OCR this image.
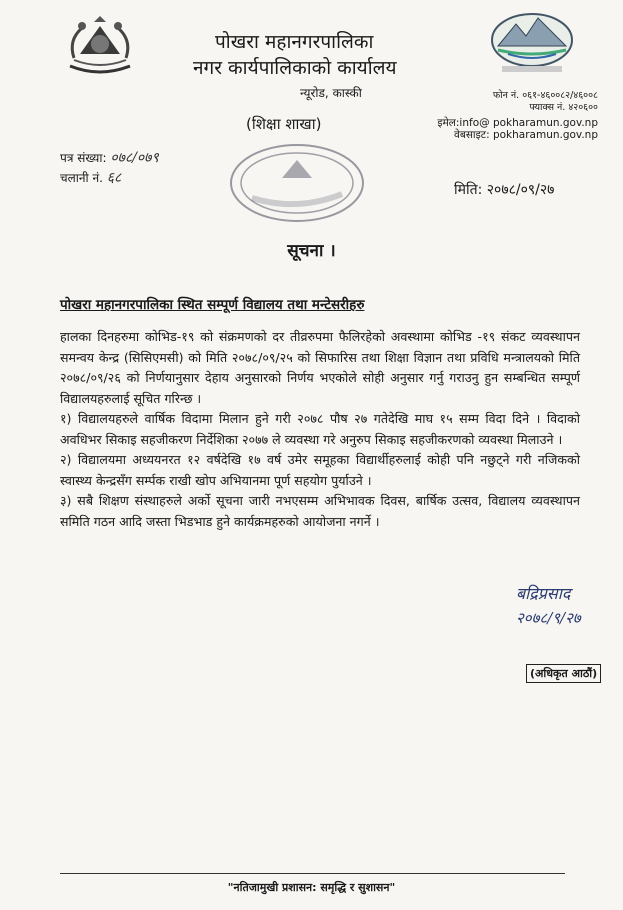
पोखरा महानगरपालिका
नगर कार्यपालिकाको कार्यालय
न्यूरोड, कास्की
(शिक्षा शाखा)
फोन नं. ०६१-४६००८२/४६००८
फ्याक्स नं. ४२०६००
इमेल:info@ pokharamun.gov.np
वेबसाइट: pokharamun.gov.np
पत्र संख्या: ०७८/०७९
चलानी नं. ६८
मिति: २०७८/०९/२७
सूचना ।
पोखरा महानगरपालिका स्थित सम्पूर्ण विद्यालय तथा मन्टेसरीहरु

हालका दिनहरुमा कोभिड-१९ को संक्रमणको दर तीव्ररुपमा फैलिरहेको अवस्थामा कोभिड -१९ संकट व्यवस्थापन समन्वय केन्द्र (सिसिएमसी) को मिति २०७८/०९/२५ को सिफारिस तथा शिक्षा विज्ञान तथा प्रविधि मन्त्रालयको मिति २०७८/०९/२६ को निर्णयानुसार देहाय अनुसारको निर्णय भएकोले सोही अनुसार गर्नु गराउनु हुन सम्बन्धित सम्पूर्ण विद्यालयहरुलाई सूचित गरिन्छ ।

१) विद्यालयहरुले वार्षिक विदामा मिलान हुने गरी २०७८ पौष २७ गतेदेखि माघ १५ सम्म विदा दिने । विदाको अवधिभर सिकाइ सहजीकरण निर्देशिका २०७७ ले व्यवस्था गरे अनुरुप सिकाइ सहजीकरणको व्यवस्था मिलाउने ।

२) विद्यालयमा अध्ययनरत १२ वर्षदेखि १७ वर्ष उमेर समूहका विद्यार्थीहरुलाई कोही पनि नछुट्ने गरी नजिकको स्वास्थ्य केन्द्रसँग सर्म्पक राखी खोप अभियानमा पूर्ण सहयोग पुर्याउने ।

३) सबै शिक्षण संस्थाहरुले अर्को सूचना जारी नभएसम्म अभिभावक दिवस, बार्षिक उत्सव, विद्यालय व्यवस्थापन समिति गठन आदि जस्ता भिडभाड हुने कार्यक्रमहरुको आयोजना नगर्ने ।

बद्रिप्रसाद
२०७८/९/२७
(अधिकृत आठौं)
"नतिजामुखी प्रशासन: समृद्धि र सुशासन"
